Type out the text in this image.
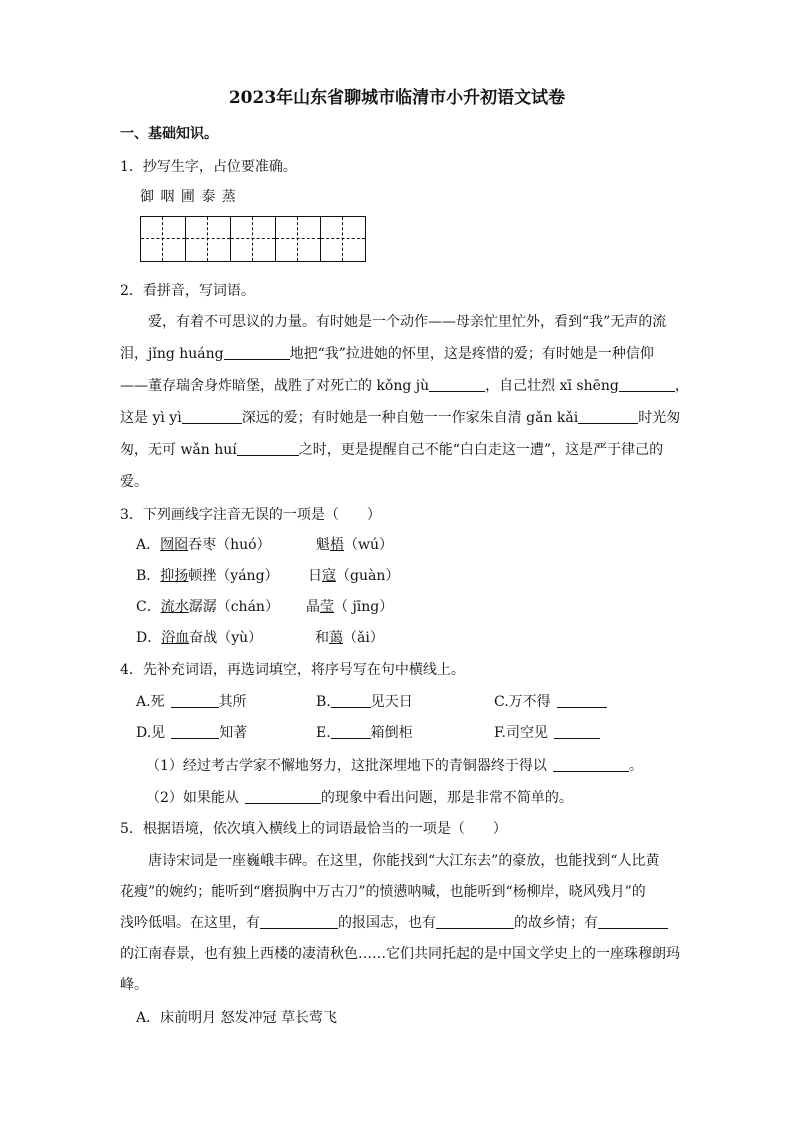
2023年山东省聊城市临清市小升初语文试卷
一、基础知识。
1．抄写生字，占位要准确。
御 咽 圃 泰 蒸
2．看拼音，写词语。
爱，有着不可思议的力量。有时她是一个动作——母亲忙里忙外，看到“我”无声的流
泪，jǐng huáng	地把“我”拉进她的怀里，这是疼惜的爱；有时她是一种信仰
——董存瑞舍身炸暗堡，战胜了对死亡的 kǒng jù	，自己壮烈 xī shēng	，
这是 yì yì	深远的爱；有时她是一种自勉一一作家朱自清 gǎn kǎi	时光匆
匆，无可 wǎn huí	之时，更是提醒自己不能“白白走这一遭”，这是严于律己的
爱。
3．下列画线字注音无误的一项是（　　）
A．囫囵吞枣（huó）	魁梧（wú）
B．抑扬顿挫（yáng） 日寇（guàn）
C．流水潺潺（chán） 晶莹（ jīng）
D．浴血奋战（yù）	和蔼（ǎi）
4．先补充词语，再选词填空，将序号写在句中横线上。
A.死	其所	B.	见天日	C.万不得
D.见	知著	E.	箱倒柜	F.司空见
（1）经过考古学家不懈地努力，这批深埋地下的青铜器终于得以	。
（2）如果能从	的现象中看出问题，那是非常不简单的。
5．根据语境，依次填入横线上的词语最恰当的一项是（　　）
唐诗宋词是一座巍峨丰碑。在这里，你能找到“大江东去”的豪放，也能找到“人比黄
花瘦”的婉约；能听到“磨损胸中万古刀”的愤懑呐喊，也能听到“杨柳岸，晓风残月”的
浅吟低唱。在这里，有	的报国志，也有	的故乡情；有
的江南春景，也有独上西楼的凄清秋色……它们共同托起的是中国文学史上的一座珠穆朗玛
峰。
A．床前明月 怒发冲冠 草长莺飞
